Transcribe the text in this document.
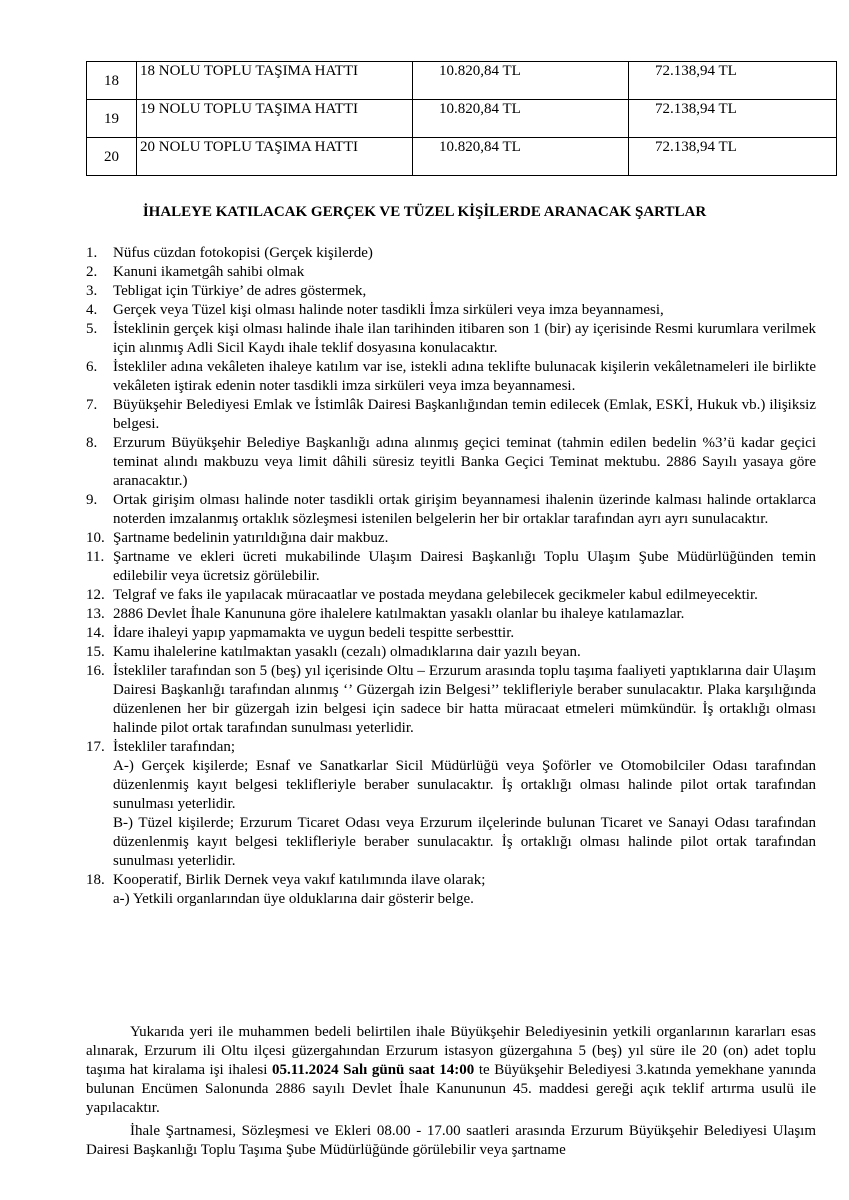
18	18 NOLU TOPLU TAŞIMA HATTI	10.820,84 TL	72.138,94 TL
19	19 NOLU TOPLU TAŞIMA HATTI	10.820,84 TL	72.138,94 TL
20	20 NOLU TOPLU TAŞIMA HATTI	10.820,84 TL	72.138,94 TL
İHALEYE KATILACAK GERÇEK VE TÜZEL KİŞİLERDE ARANACAK ŞARTLAR
1. Nüfus cüzdan fotokopisi (Gerçek kişilerde)
2. Kanuni ikametgâh sahibi olmak
3. Tebligat için Türkiye’ de adres göstermek,
4. Gerçek veya Tüzel kişi olması halinde noter tasdikli İmza sirküleri veya imza beyannamesi,
5. İsteklinin gerçek kişi olması halinde ihale ilan tarihinden itibaren son 1 (bir) ay içerisinde Resmi kurumlara verilmek için alınmış Adli Sicil Kaydı ihale teklif dosyasına konulacaktır.
6. İstekliler adına vekâleten ihaleye katılım var ise, istekli adına teklifte bulunacak kişilerin vekâletnameleri ile birlikte vekâleten iştirak edenin noter tasdikli imza sirküleri veya imza beyannamesi.
7. Büyükşehir Belediyesi Emlak ve İstimlâk Dairesi Başkanlığından temin edilecek (Emlak, ESKİ, Hukuk vb.) ilişiksiz belgesi.
8. Erzurum Büyükşehir Belediye Başkanlığı adına alınmış geçici teminat (tahmin edilen bedelin %3’ü kadar geçici teminat alındı makbuzu veya limit dâhili süresiz teyitli Banka Geçici Teminat mektubu. 2886 Sayılı yasaya göre aranacaktır.)
9. Ortak girişim olması halinde noter tasdikli ortak girişim beyannamesi ihalenin üzerinde kalması halinde ortaklarca noterden imzalanmış ortaklık sözleşmesi istenilen belgelerin her bir ortaklar tarafından ayrı ayrı sunulacaktır.
10. Şartname bedelinin yatırıldığına dair makbuz.
11. Şartname ve ekleri ücreti mukabilinde Ulaşım Dairesi Başkanlığı Toplu Ulaşım Şube Müdürlüğünden temin edilebilir veya ücretsiz görülebilir.
12. Telgraf ve faks ile yapılacak müracaatlar ve postada meydana gelebilecek gecikmeler kabul edilmeyecektir.
13. 2886 Devlet İhale Kanununa göre ihalelere katılmaktan yasaklı olanlar bu ihaleye katılamazlar.
14. İdare ihaleyi yapıp yapmamakta ve uygun bedeli tespitte serbesttir.
15. Kamu ihalelerine katılmaktan yasaklı (cezalı) olmadıklarına dair yazılı beyan.
16. İstekliler tarafından son 5 (beş) yıl içerisinde Oltu – Erzurum arasında toplu taşıma faaliyeti yaptıklarına dair Ulaşım Dairesi Başkanlığı tarafından alınmış ‘’ Güzergah izin Belgesi’’ teklifleriyle beraber sunulacaktır. Plaka karşılığında düzenlenen her bir güzergah izin belgesi için sadece bir hatta müracaat etmeleri mümkündür. İş ortaklığı olması halinde pilot ortak tarafından sunulması yeterlidir.
17. İstekliler tarafından;
A-) Gerçek kişilerde; Esnaf ve Sanatkarlar Sicil Müdürlüğü veya Şoförler ve Otomobilciler Odası tarafından düzenlenmiş kayıt belgesi teklifleriyle beraber sunulacaktır. İş ortaklığı olması halinde pilot ortak tarafından sunulması yeterlidir.
B-) Tüzel kişilerde; Erzurum Ticaret Odası veya Erzurum ilçelerinde bulunan Ticaret ve Sanayi Odası tarafından düzenlenmiş kayıt belgesi teklifleriyle beraber sunulacaktır. İş ortaklığı olması halinde pilot ortak tarafından sunulması yeterlidir.
18. Kooperatif, Birlik Dernek veya vakıf katılımında ilave olarak;
a-) Yetkili organlarından üye olduklarına dair gösterir belge.

Yukarıda yeri ile muhammen bedeli belirtilen ihale Büyükşehir Belediyesinin yetkili organlarının kararları esas alınarak, Erzurum ili Oltu ilçesi güzergahından Erzurum istasyon güzergahına 5 (beş) yıl süre ile 20 (on) adet toplu taşıma hat kiralama işi ihalesi 05.11.2024 Salı günü saat 14:00 te Büyükşehir Belediyesi 3.katında yemekhane yanında bulunan Encümen Salonunda 2886 sayılı Devlet İhale Kanununun 45. maddesi gereği açık teklif artırma usulü ile yapılacaktır.

İhale Şartnamesi, Sözleşmesi ve Ekleri 08.00 - 17.00 saatleri arasında Erzurum Büyükşehir Belediyesi Ulaşım Dairesi Başkanlığı Toplu Taşıma Şube Müdürlüğünde görülebilir veya şartname
